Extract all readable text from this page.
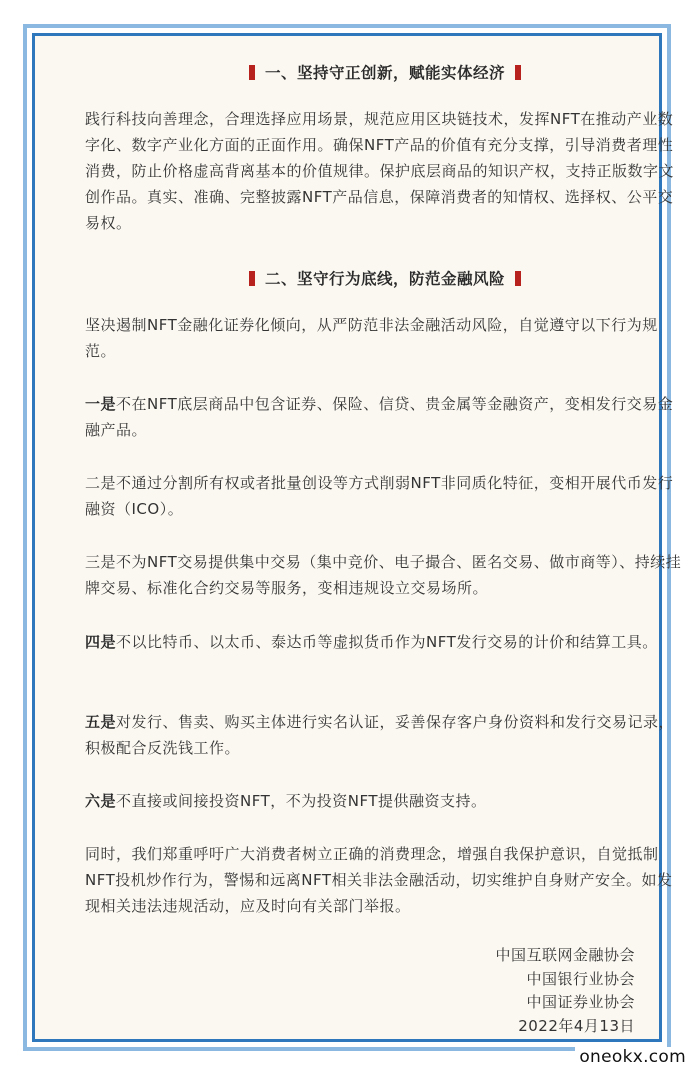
一、坚持守正创新，赋能实体经济

践行科技向善理念，合理选择应用场景，规范应用区块链技术，发挥NFT在推动产业数字化、数字产业化方面的正面作用。确保NFT产品的价值有充分支撑，引导消费者理性消费，防止价格虚高背离基本的价值规律。保护底层商品的知识产权，支持正版数字文创作品。真实、准确、完整披露NFT产品信息，保障消费者的知情权、选择权、公平交易权。

二、坚守行为底线，防范金融风险

坚决遏制NFT金融化证券化倾向，从严防范非法金融活动风险，自觉遵守以下行为规范。

一是不在NFT底层商品中包含证券、保险、信贷、贵金属等金融资产，变相发行交易金融产品。

二是不通过分割所有权或者批量创设等方式削弱NFT非同质化特征，变相开展代币发行融资（ICO）。

三是不为NFT交易提供集中交易（集中竞价、电子撮合、匿名交易、做市商等）、持续挂牌交易、标准化合约交易等服务，变相违规设立交易场所。

四是不以比特币、以太币、泰达币等虚拟货币作为NFT发行交易的计价和结算工具。

五是对发行、售卖、购买主体进行实名认证，妥善保存客户身份资料和发行交易记录，积极配合反洗钱工作。

六是不直接或间接投资NFT，不为投资NFT提供融资支持。

同时，我们郑重呼吁广大消费者树立正确的消费理念，增强自我保护意识，自觉抵制NFT投机炒作行为，警惕和远离NFT相关非法金融活动，切实维护自身财产安全。如发现相关违法违规活动，应及时向有关部门举报。

中国互联网金融协会
中国银行业协会
中国证券业协会
2022年4月13日
oneokx.com
